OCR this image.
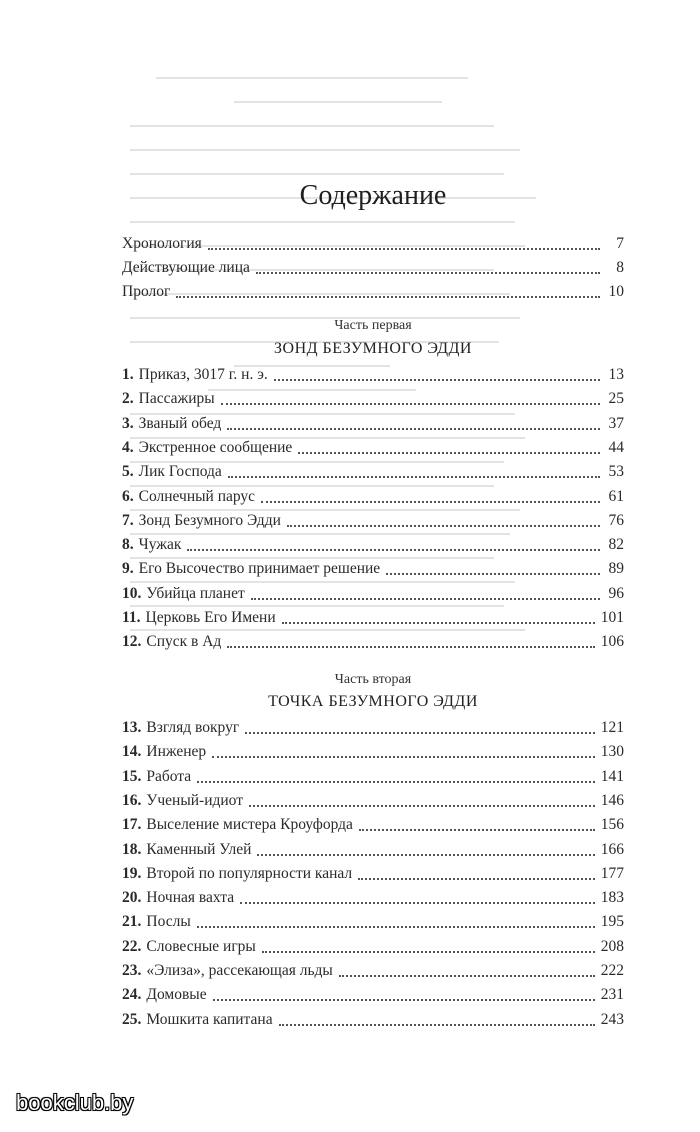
Содержание
Хронология	7
Действующие лица	8
Пролог	10
Часть первая
ЗОНД БЕЗУМНОГО ЭДДИ
1. Приказ, 3017 г. н. э.	13
2. Пассажиры	25
3. Званый обед	37
4. Экстренное сообщение	44
5. Лик Господа	53
6. Солнечный парус	61
7. Зонд Безумного Эдди	76
8. Чужак	82
9. Его Высочество принимает решение	89
10. Убийца планет	96
11. Церковь Его Имени	101
12. Спуск в Ад	106
Часть вторая
ТОЧКА БЕЗУМНОГО ЭДДИ
13. Взгляд вокруг	121
14. Инженер	130
15. Работа	141
16. Ученый-идиот	146
17. Выселение мистера Кроуфорда	156
18. Каменный Улей	166
19. Второй по популярности канал	177
20. Ночная вахта	183
21. Послы	195
22. Словесные игры	208
23. «Элиза», рассекающая льды	222
24. Домовые	231
25. Мошкита капитана	243
bookclub.by
